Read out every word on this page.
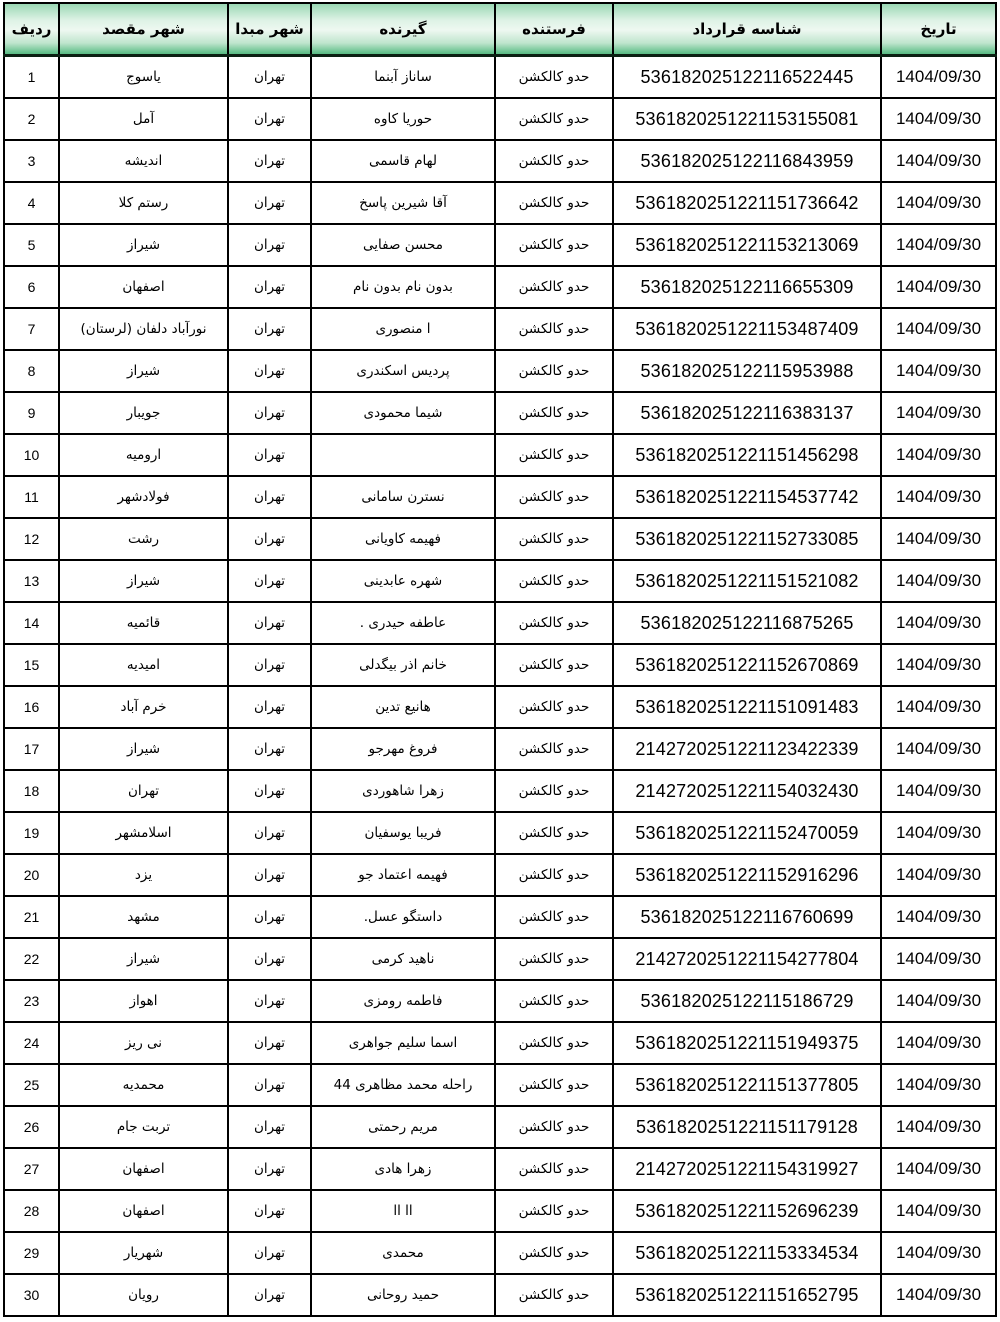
ردیف	شهر مقصد	شهر مبدا	گیرنده	فرستنده	شناسه قرارداد	تاریخ
1	یاسوج	تهران	ساناز آبنما	حدو کالکشن	536182025122116522445	1404/09/30
2	آمل	تهران	حوریا کاوه	حدو کالکشن	5361820251221153155081	1404/09/30
3	اندیشه	تهران	لهام قاسمی	حدو کالکشن	536182025122116843959	1404/09/30
4	رستم کلا	تهران	آقا شیرین پاسخ	حدو کالکشن	5361820251221151736642	1404/09/30
5	شیراز	تهران	محسن صفایی	حدو کالکشن	5361820251221153213069	1404/09/30
6	اصفهان	تهران	بدون نام بدون نام	حدو کالکشن	536182025122116655309	1404/09/30
7	نورآباد دلفان (لرستان)	تهران	ا منصوری	حدو کالکشن	5361820251221153487409	1404/09/30
8	شیراز	تهران	پردیس اسکندری	حدو کالکشن	536182025122115953988	1404/09/30
9	جویبار	تهران	شیما محمودی	حدو کالکشن	536182025122116383137	1404/09/30
10	ارومیه	تهران		حدو کالکشن	5361820251221151456298	1404/09/30
11	فولادشهر	تهران	نسترن سامانی	حدو کالکشن	5361820251221154537742	1404/09/30
12	رشت	تهران	فهیمه کاویانی	حدو کالکشن	5361820251221152733085	1404/09/30
13	شیراز	تهران	شهره عابدینی	حدو کالکشن	5361820251221151521082	1404/09/30
14	قائمیه	تهران	عاطفه حیدری .	حدو کالکشن	536182025122116875265	1404/09/30
15	امیدیه	تهران	خانم اذر بیگدلی	حدو کالکشن	5361820251221152670869	1404/09/30
16	خرم آباد	تهران	هانیع تدین	حدو کالکشن	5361820251221151091483	1404/09/30
17	شیراز	تهران	فروغ مهرجو	حدو کالکشن	2142720251221123422339	1404/09/30
18	تهران	تهران	زهرا شاهوردی	حدو کالکشن	2142720251221154032430	1404/09/30
19	اسلامشهر	تهران	فریبا یوسفیان	حدو کالکشن	5361820251221152470059	1404/09/30
20	یزد	تهران	فهیمه اعتماد جو	حدو کالکشن	5361820251221152916296	1404/09/30
21	مشهد	تهران	داستگو عسل.	حدو کالکشن	536182025122116760699	1404/09/30
22	شیراز	تهران	ناهید کرمی	حدو کالکشن	2142720251221154277804	1404/09/30
23	اهواز	تهران	فاطمه رومزی	حدو کالکشن	536182025122115186729	1404/09/30
24	نی ریز	تهران	اسما سلیم جواهری	حدو کالکشن	5361820251221151949375	1404/09/30
25	محمدیه	تهران	راحله محمد مظاهری 44	حدو کالکشن	5361820251221151377805	1404/09/30
26	تربت جام	تهران	مریم رحمتی	حدو کالکشن	5361820251221151179128	1404/09/30
27	اصفهان	تهران	زهرا هادی	حدو کالکشن	2142720251221154319927	1404/09/30
28	اصفهان	تهران	اا اا	حدو کالکشن	5361820251221152696239	1404/09/30
29	شهریار	تهران	محمدی	حدو کالکشن	5361820251221153334534	1404/09/30
30	رویان	تهران	حمید روحانی	حدو کالکشن	5361820251221151652795	1404/09/30
